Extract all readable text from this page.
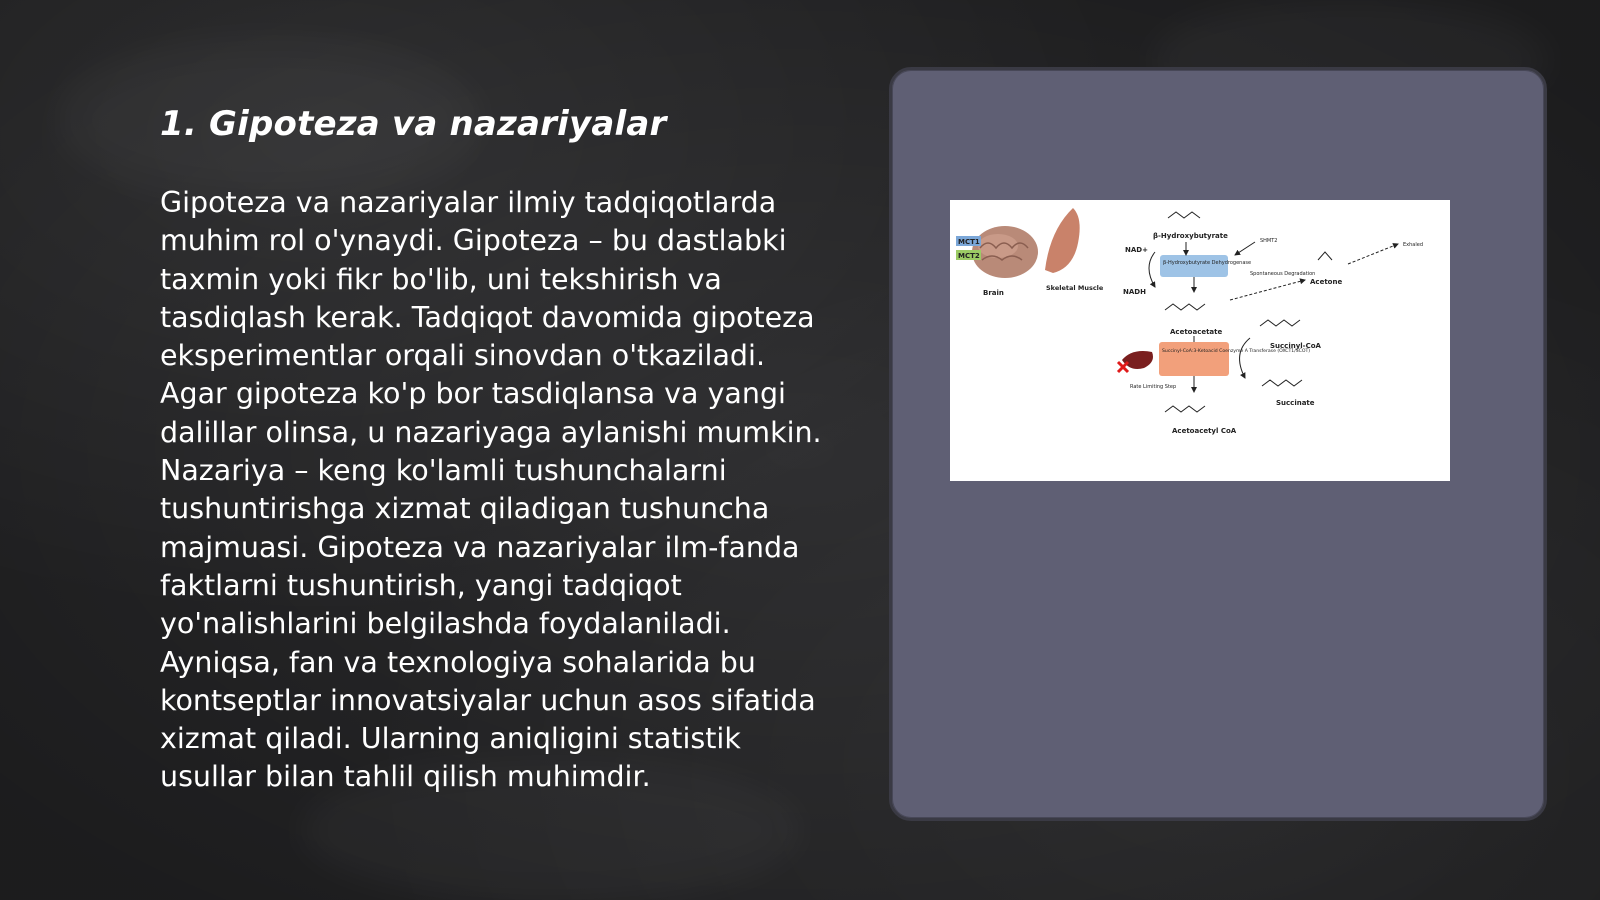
1. Gipoteza va nazariyalar

Gipoteza va nazariyalar ilmiy tadqiqotlarda muhim rol o'ynaydi. Gipoteza – bu dastlabki taxmin yoki fikr bo'lib, uni tekshirish va tasdiqlash kerak. Tadqiqot davomida gipoteza eksperimentlar orqali sinovdan o'tkaziladi. Agar gipoteza ko'p bor tasdiqlansa va yangi dalillar olinsa, u nazariyaga aylanishi mumkin. Nazariya – keng ko'lamli tushunchalarni tushuntirishga xizmat qiladigan tushuncha majmuasi. Gipoteza va nazariyalar ilm-fanda faktlarni tushuntirish, yangi tadqiqot yo'nalishlarini belgilashda foydalaniladi. Ayniqsa, fan va texnologiya sohalarida bu kontseptlar innovatsiyalar uchun asos sifatida xizmat qiladi. Ularning aniqligini statistik usullar bilan tahlil qilish muhimdir.

MCT1
MCT2
Brain
Skeletal Muscle
β-Hydroxybutyrate
β-Hydroxybutyrate Dehydrogenase
NAD+
NADH
SHMT2
Acetoacetate
Spontaneous Degradation
Acetone
Exhaled
Succinyl-CoA:3-Ketoacid Coenzyme A Transferase (OXCT1/SCOT)
Rate Limiting Step
Succinyl-CoA
Succinate
Acetoacetyl CoA
